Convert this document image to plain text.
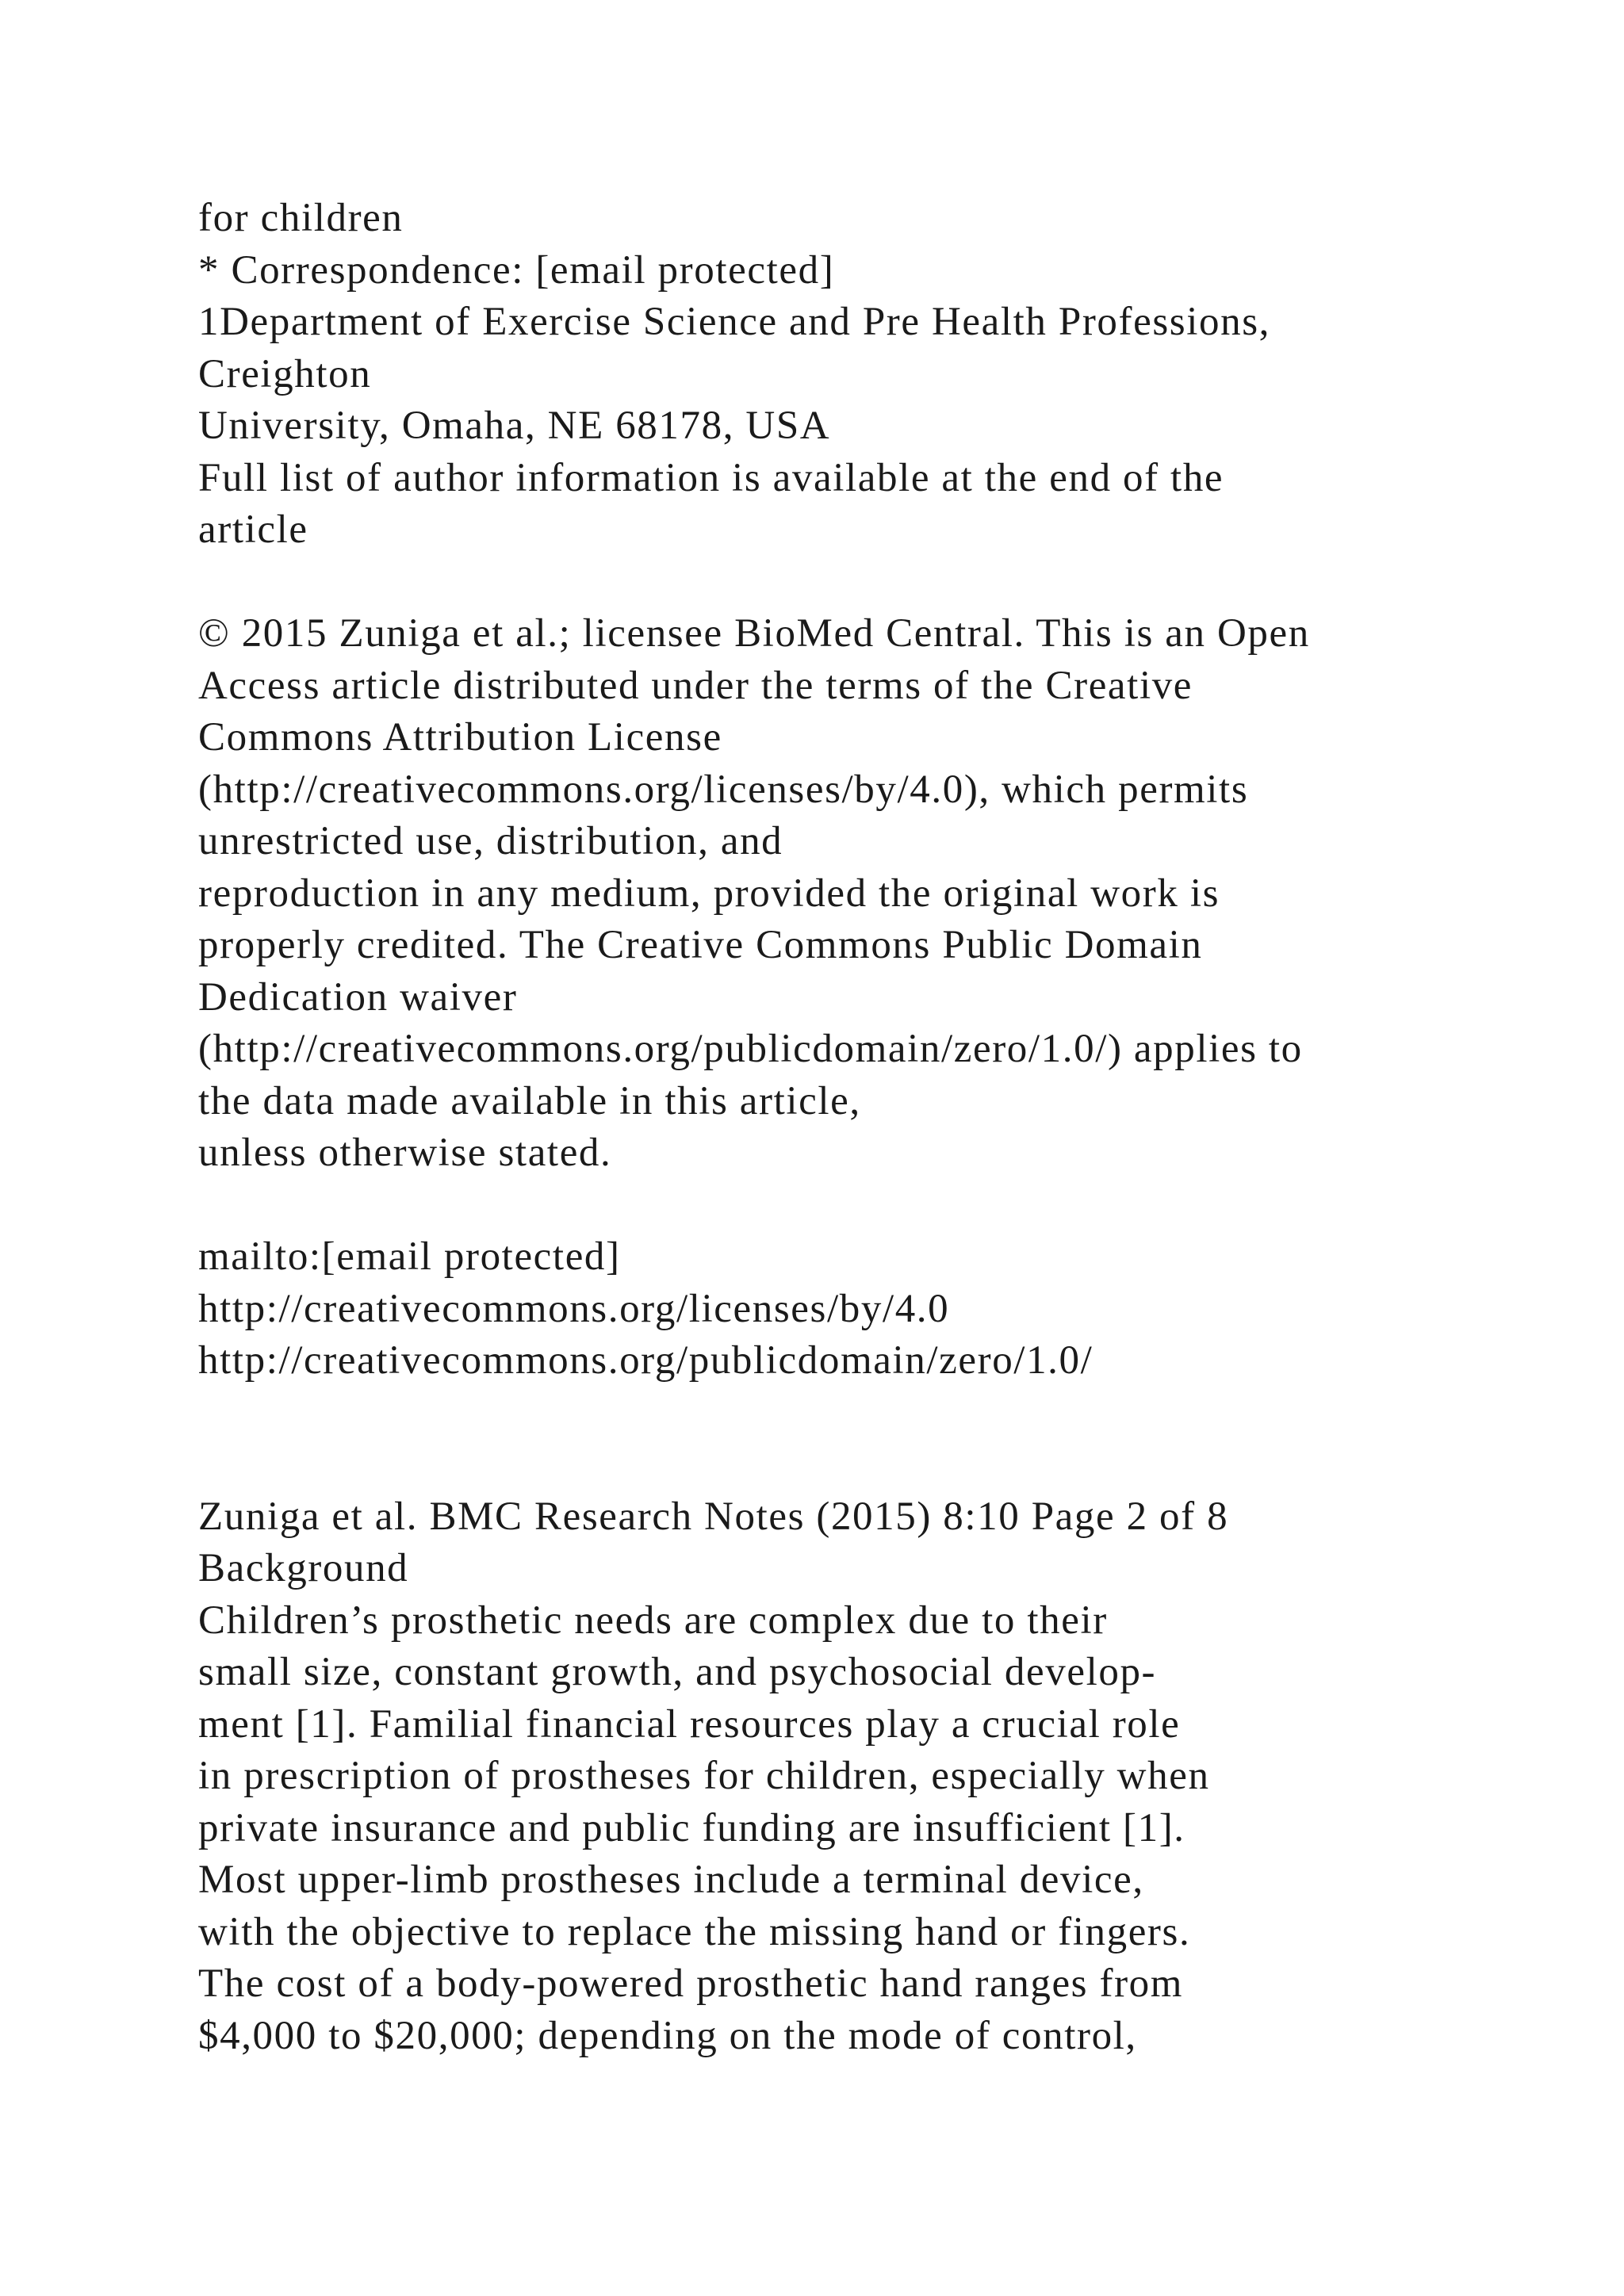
for children
* Correspondence: [email protected]
1Department of Exercise Science and Pre Health Professions,
Creighton
University, Omaha, NE 68178, USA
Full list of author information is available at the end of the
article
© 2015 Zuniga et al.; licensee BioMed Central. This is an Open
Access article distributed under the terms of the Creative
Commons Attribution License
(http://creativecommons.org/licenses/by/4.0), which permits
unrestricted use, distribution, and
reproduction in any medium, provided the original work is
properly credited. The Creative Commons Public Domain
Dedication waiver
(http://creativecommons.org/publicdomain/zero/1.0/) applies to
the data made available in this article,
unless otherwise stated.
mailto:[email protected]
http://creativecommons.org/licenses/by/4.0
http://creativecommons.org/publicdomain/zero/1.0/
Zuniga et al. BMC Research Notes (2015) 8:10 Page 2 of 8
Background
Children’s prosthetic needs are complex due to their
small size, constant growth, and psychosocial develop-
ment [1]. Familial financial resources play a crucial role
in prescription of prostheses for children, especially when
private insurance and public funding are insufficient [1].
Most upper-limb prostheses include a terminal device,
with the objective to replace the missing hand or fingers.
The cost of a body-powered prosthetic hand ranges from
$4,000 to $20,000; depending on the mode of control,
